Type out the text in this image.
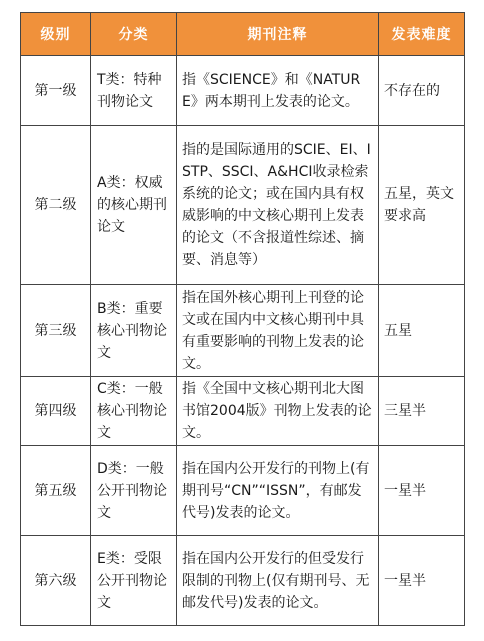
级别	分类	期刊注释	发表难度
第一级	T类：特种刊物论文	指《SCIENCE》和《NATURE》两本期刊上发表的论文。	不存在的
第二级	A类：权威的核心期刊论文	指的是国际通用的SCIE、EI、ISTP、SSCI、A&HCI收录检索系统的论文；或在国内具有权威影响的中文核心期刊上发表的论文（不含报道性综述、摘要、消息等）	五星，英文要求高
第三级	B类：重要核心刊物论文	指在国外核心期刊上刊登的论文或在国内中文核心期刊中具有重要影响的刊物上发表的论文。	五星
第四级	C类：一般核心刊物论文	指《全国中文核心期刊北大图书馆2004版》刊物上发表的论文。	三星半
第五级	D类：一般公开刊物论文	指在国内公开发行的刊物上(有期刊号“CN”“ISSN”，有邮发代号)发表的论文。	一星半
第六级	E类：受限公开刊物论文	指在国内公开发行的但受发行限制的刊物上(仅有期刊号、无邮发代号)发表的论文。	一星半
